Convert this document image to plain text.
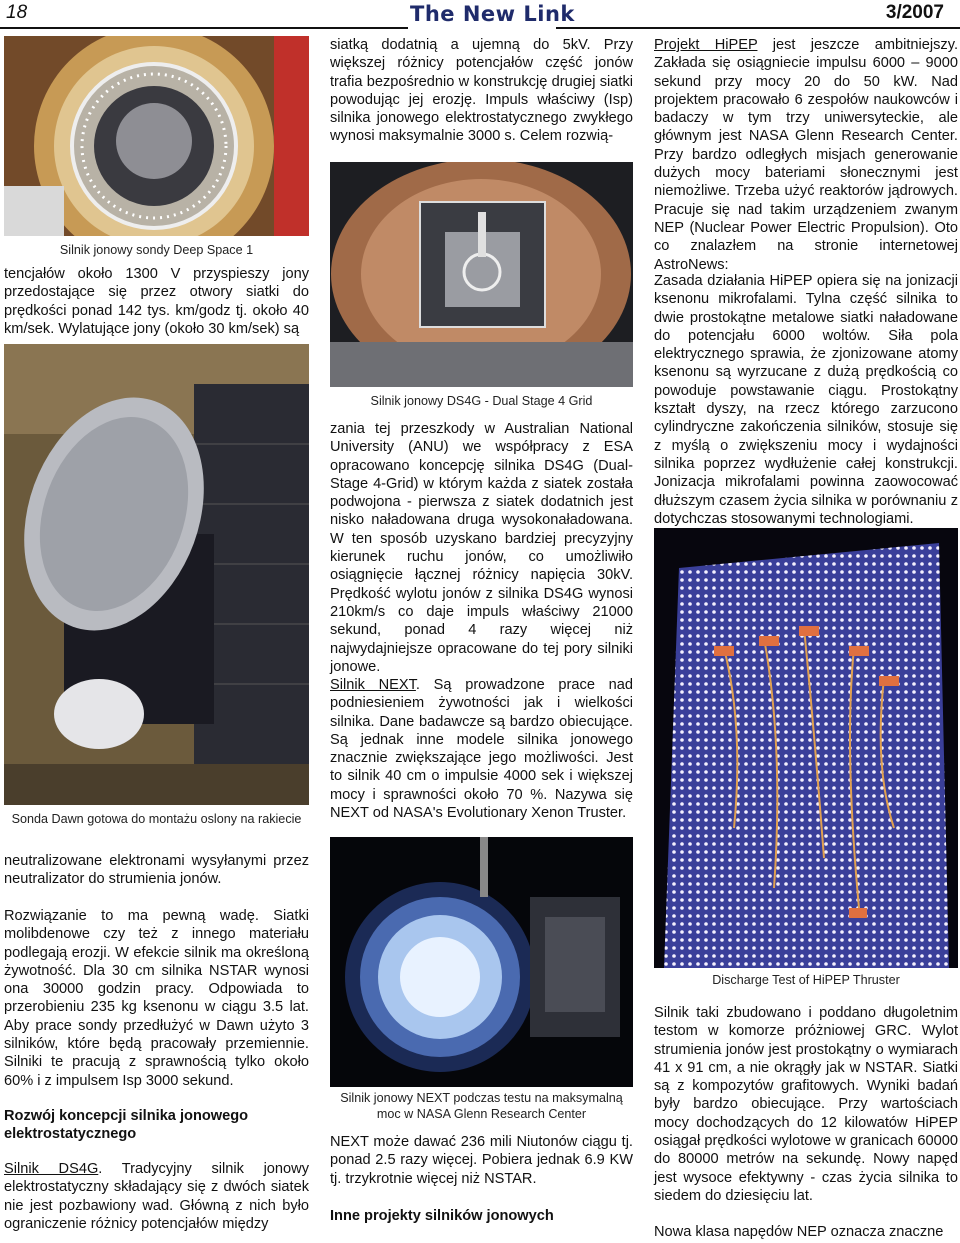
18	The New Link	3/2007

Silnik jonowy sondy Deep Space 1

tencjałów około 1300 V przyspieszy jony przedostające się przez otwory siatki do prędkości ponad 142 tys. km/godz tj. około 40 km/sek. Wylatujące jony (około 30 km/sek) są

Sonda Dawn gotowa do montażu oslony na rakiecie

neutralizowane elektronami wysyłanymi przez neutralizator do strumienia jonów.

Rozwiązanie to ma pewną wadę. Siatki molibdenowe czy też z innego materiału podlegają erozji. W efekcie silnik ma określoną żywotność. Dla 30 cm silnika NSTAR wynosi ona 30000 godzin pracy. Odpowiada to przerobieniu 235 kg ksenonu w ciągu 3.5 lat. Aby prace sondy przedłużyć w Dawn użyto 3 silników, które będą pracowały przemiennie. Silniki te pracują z sprawnością tylko około 60% i z impulsem Isp 3000 sekund.

Rozwój koncepcji silnika jonowego elektrostatycznego

Silnik DS4G. Tradycyjny silnik jonowy elektrostatyczny składający się z dwóch siatek nie jest pozbawiony wad. Główną z nich było ograniczenie różnicy potencjałów między

siatką dodatnią a ujemną do 5kV. Przy większej różnicy potencjałów część jonów trafia bezpośrednio w konstrukcję drugiej siatki powodując jej erozję. Impuls właściwy (Isp) silnika jonowego elektrostatycznego zwykłego wynosi maksymalnie 3000 s. Celem rozwią-

Silnik jonowy DS4G - Dual Stage 4 Grid

zania tej przeszkody w Australian National University (ANU) we współpracy z ESA opracowano koncepcję silnika DS4G (Dual-Stage 4-Grid) w którym każda z siatek została podwojona - pierwsza z siatek dodatnich jest nisko naładowana druga wysokonaładowana. W ten sposób uzyskano bardziej precyzyjny kierunek ruchu jonów, co umożliwiło osiągnięcie łącznej różnicy napięcia 30kV. Prędkość wylotu jonów z silnika DS4G wynosi 210km/s co daje impuls właściwy 21000 sekund, ponad 4 razy więcej niż najwydajniejsze opracowane do tej pory silniki jonowe.

Silnik NEXT. Są prowadzone prace nad podniesieniem żywotności jak i wielkości silnika. Dane badawcze są bardzo obiecujące. Są jednak inne modele silnika jonowego znacznie zwiększające jego możliwości. Jest to silnik 40 cm o impulsie 4000 sek i większej mocy i sprawności około 70 %. Nazywa się NEXT od NASA's Evolutionary Xenon Truster.

Silnik jonowy NEXT podczas testu na maksymalną moc w NASA Glenn Research Center

NEXT może dawać 236 mili Niutonów ciągu tj. ponad 2.5 razy więcej. Pobiera jednak 6.9 KW tj. trzykrotnie więcej niż NSTAR.

Inne projekty silników jonowych

Projekt HiPEP jest jeszcze ambitniejszy. Zakłada się osiągniecie impulsu 6000 – 9000 sekund przy mocy 20 do 50 kW. Nad projektem pracowało 6 zespołów naukowców i badaczy w tym trzy uniwersyteckie, ale głównym jest NASA Glenn Research Center. Przy bardzo odległych misjach generowanie dużych mocy bateriami słonecznymi jest niemożliwe. Trzeba użyć reaktorów jądrowych. Pracuje się nad takim urządzeniem zwanym NEP (Nuclear Power Electric Propulsion). Oto co znalazłem na stronie internetowej AstroNews:

Zasada działania HiPEP opiera się na jonizacji ksenonu mikrofalami. Tylna część silnika to dwie prostokątne metalowe siatki naładowane do potencjału 6000 woltów. Siła pola elektrycznego sprawia, że zjonizowane atomy ksenonu są wyrzucane z dużą prędkością co powoduje powstawanie ciągu. Prostokątny kształt dyszy, na rzecz którego zarzucono cylindryczne zakończenia silników, stosuje się z myślą o zwiększeniu mocy i wydajności silnika poprzez wydłużenie całej konstrukcji. Jonizacja mikrofalami powinna zaowocować dłuższym czasem życia silnika w porównaniu z dotychczas stosowanymi technologiami.

Discharge Test of HiPEP Thruster

Silnik taki zbudowano i poddano długoletnim testom w komorze próżniowej GRC. Wylot strumienia jonów jest prostokątny o wymiarach 41 x 91 cm, a nie okrągły jak w NSTAR. Siatki są z kompozytów grafitowych. Wyniki badań były bardzo obiecujące. Przy wartościach mocy dochodzących do 12 kilowatów HiPEP osiągał prędkości wylotowe w granicach 60000 do 80000 metrów na sekundę. Nowy napęd jest wysoce efektywny - czas życia silnika to siedem do dziesięciu lat.

Nowa klasa napędów NEP oznacza znaczne
